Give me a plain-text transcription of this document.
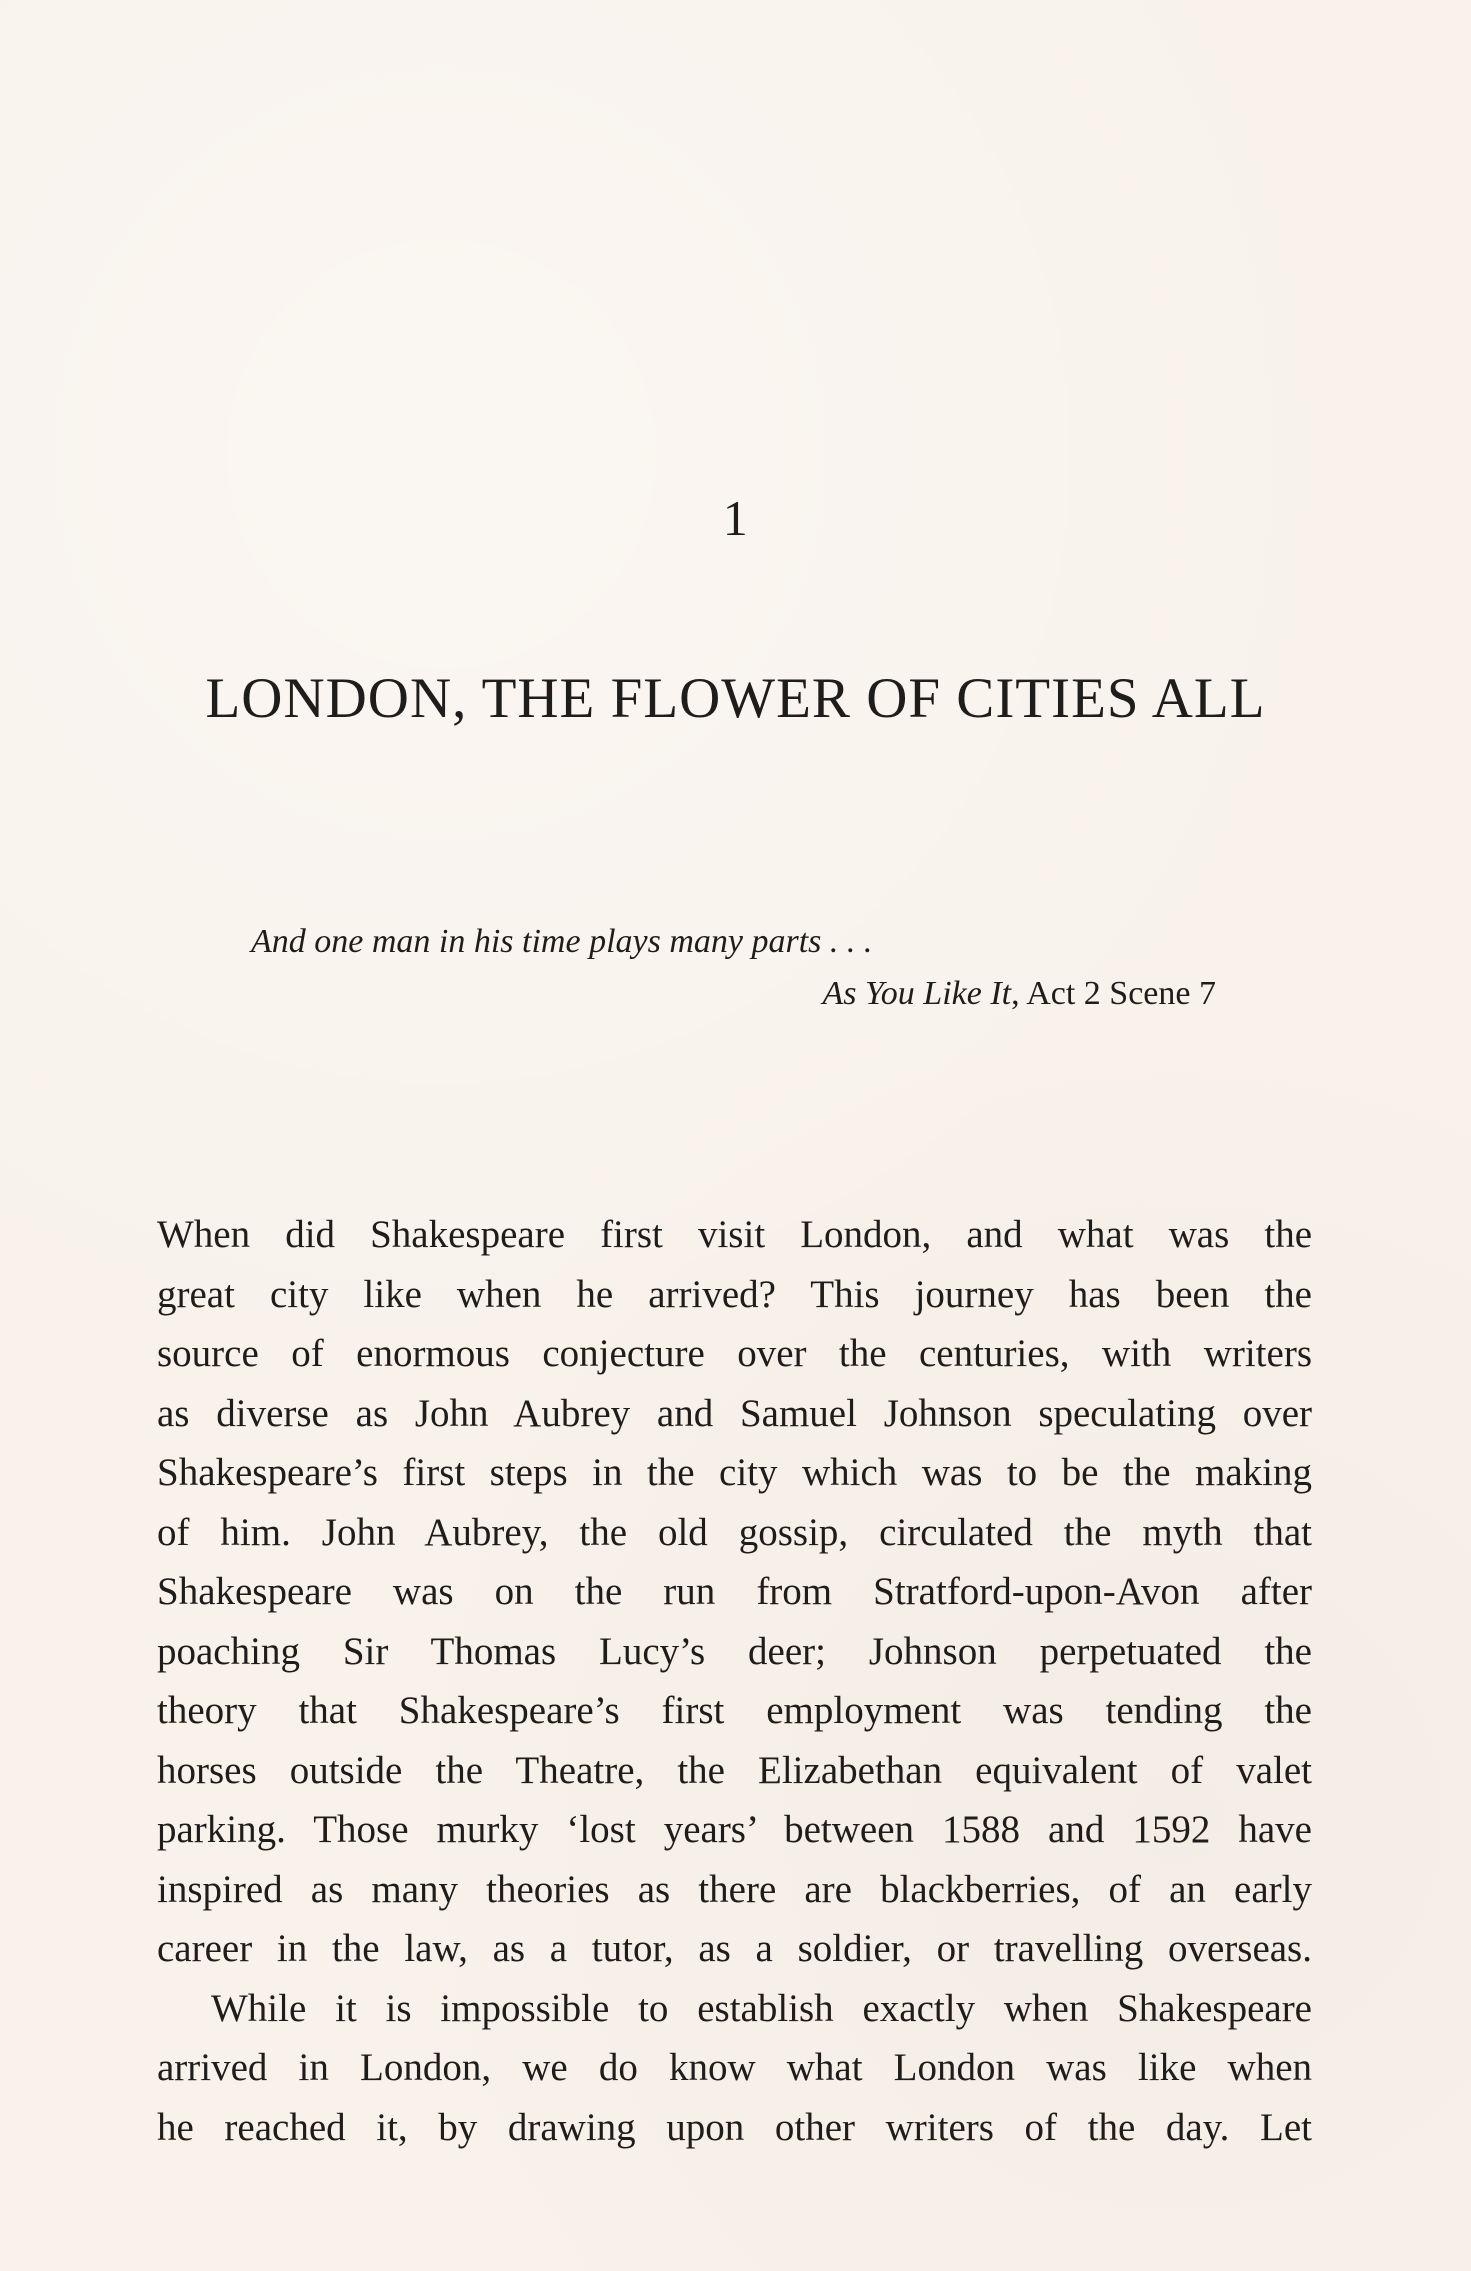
1
LONDON, THE FLOWER OF CITIES ALL

And one man in his time plays many parts . . .

As You Like It, Act 2 Scene 7

When did Shakespeare first visit London, and what was the
great city like when he arrived? This journey has been the
source of enormous conjecture over the centuries, with writers
as diverse as John Aubrey and Samuel Johnson speculating over
Shakespeare’s first steps in the city which was to be the making
of him. John Aubrey, the old gossip, circulated the myth that
Shakespeare was on the run from Stratford-upon-Avon after
poaching Sir Thomas Lucy’s deer; Johnson perpetuated the
theory that Shakespeare’s first employment was tending the
horses outside the Theatre, the Elizabethan equivalent of valet
parking. Those murky ‘lost years’ between 1588 and 1592 have
inspired as many theories as there are blackberries, of an early
career in the law, as a tutor, as a soldier, or travelling overseas.
While it is impossible to establish exactly when Shakespeare
arrived in London, we do know what London was like when
he reached it, by drawing upon other writers of the day. Let
